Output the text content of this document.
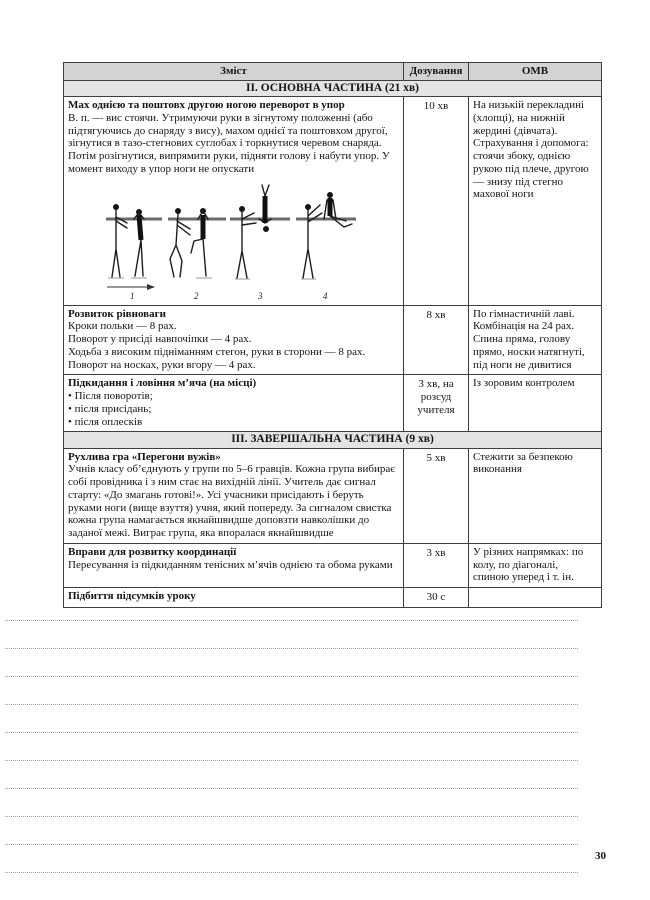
Зміст	Дозування	ОМВ
ІІ. ОСНОВНА ЧАСТИНА (21 хв)		

Мах однією та поштовх другою ногою переворот в упор
В. п. — вис стоячи. Утримуючи руки в зігнутому положенні (або підтягуючись до снаряду з вису), махом однієї та поштовхом другої, зігнутися в тазо-стегнових суглобах і торкнутися черевом снаряда. Потім розігнутися, випрямити руки, підняти голову і набути упор. У момент виходу в упор ноги не опускати
1	2	3	4
	10 хв	На низькій перекладині (хлопці), на нижній жердині (дівчата). Страхування і допомога: стоячи збоку, однією рукою під плече, другою — знизу під стегно махової ноги

Розвиток рівноваги
Кроки польки — 8 рах.
Поворот у присіді навпочіпки — 4 рах.
Ходьба з високим підніманням стегон, руки в сторони — 8 рах.
Поворот на носках, руки вгору — 4 рах.	8 хв	По гімнастичній лаві. Комбінація на 24 рах. Спина пряма, голову прямо, носки натягнуті, під ноги не дивитися

Підкидання і ловіння м’яча (на місці)
• Після поворотів;
• після присідань;
• після оплесків	3 хв, на розсуд учителя	Із зоровим контролем
ІІІ. ЗАВЕРШАЛЬНА ЧАСТИНА (9 хв)		

Рухлива гра «Перегони вужів»
Учнів класу об’єднують у групи по 5–6 гравців. Кожна група вибирає собі провідника і з ним стає на вихідній лінії. Учитель дає сигнал старту: «До змагань готові!». Усі учасники присідають і беруть руками ноги (вище взуття) учня, який попереду. За сигналом свистка кожна група намагається якнайшвидше доповзти навколішки до заданої межі. Виграє група, яка впоралася якнайшвидше	5 хв	Стежити за безпекою виконання

Вправи для розвитку координації
Пересування із підкиданням тенісних м’ячів однією та обома руками	3 хв	У різних напрямках: по колу, по діагоналі, спиною уперед і т. ін.

Підбиття підсумків уроку	30 с	
30
